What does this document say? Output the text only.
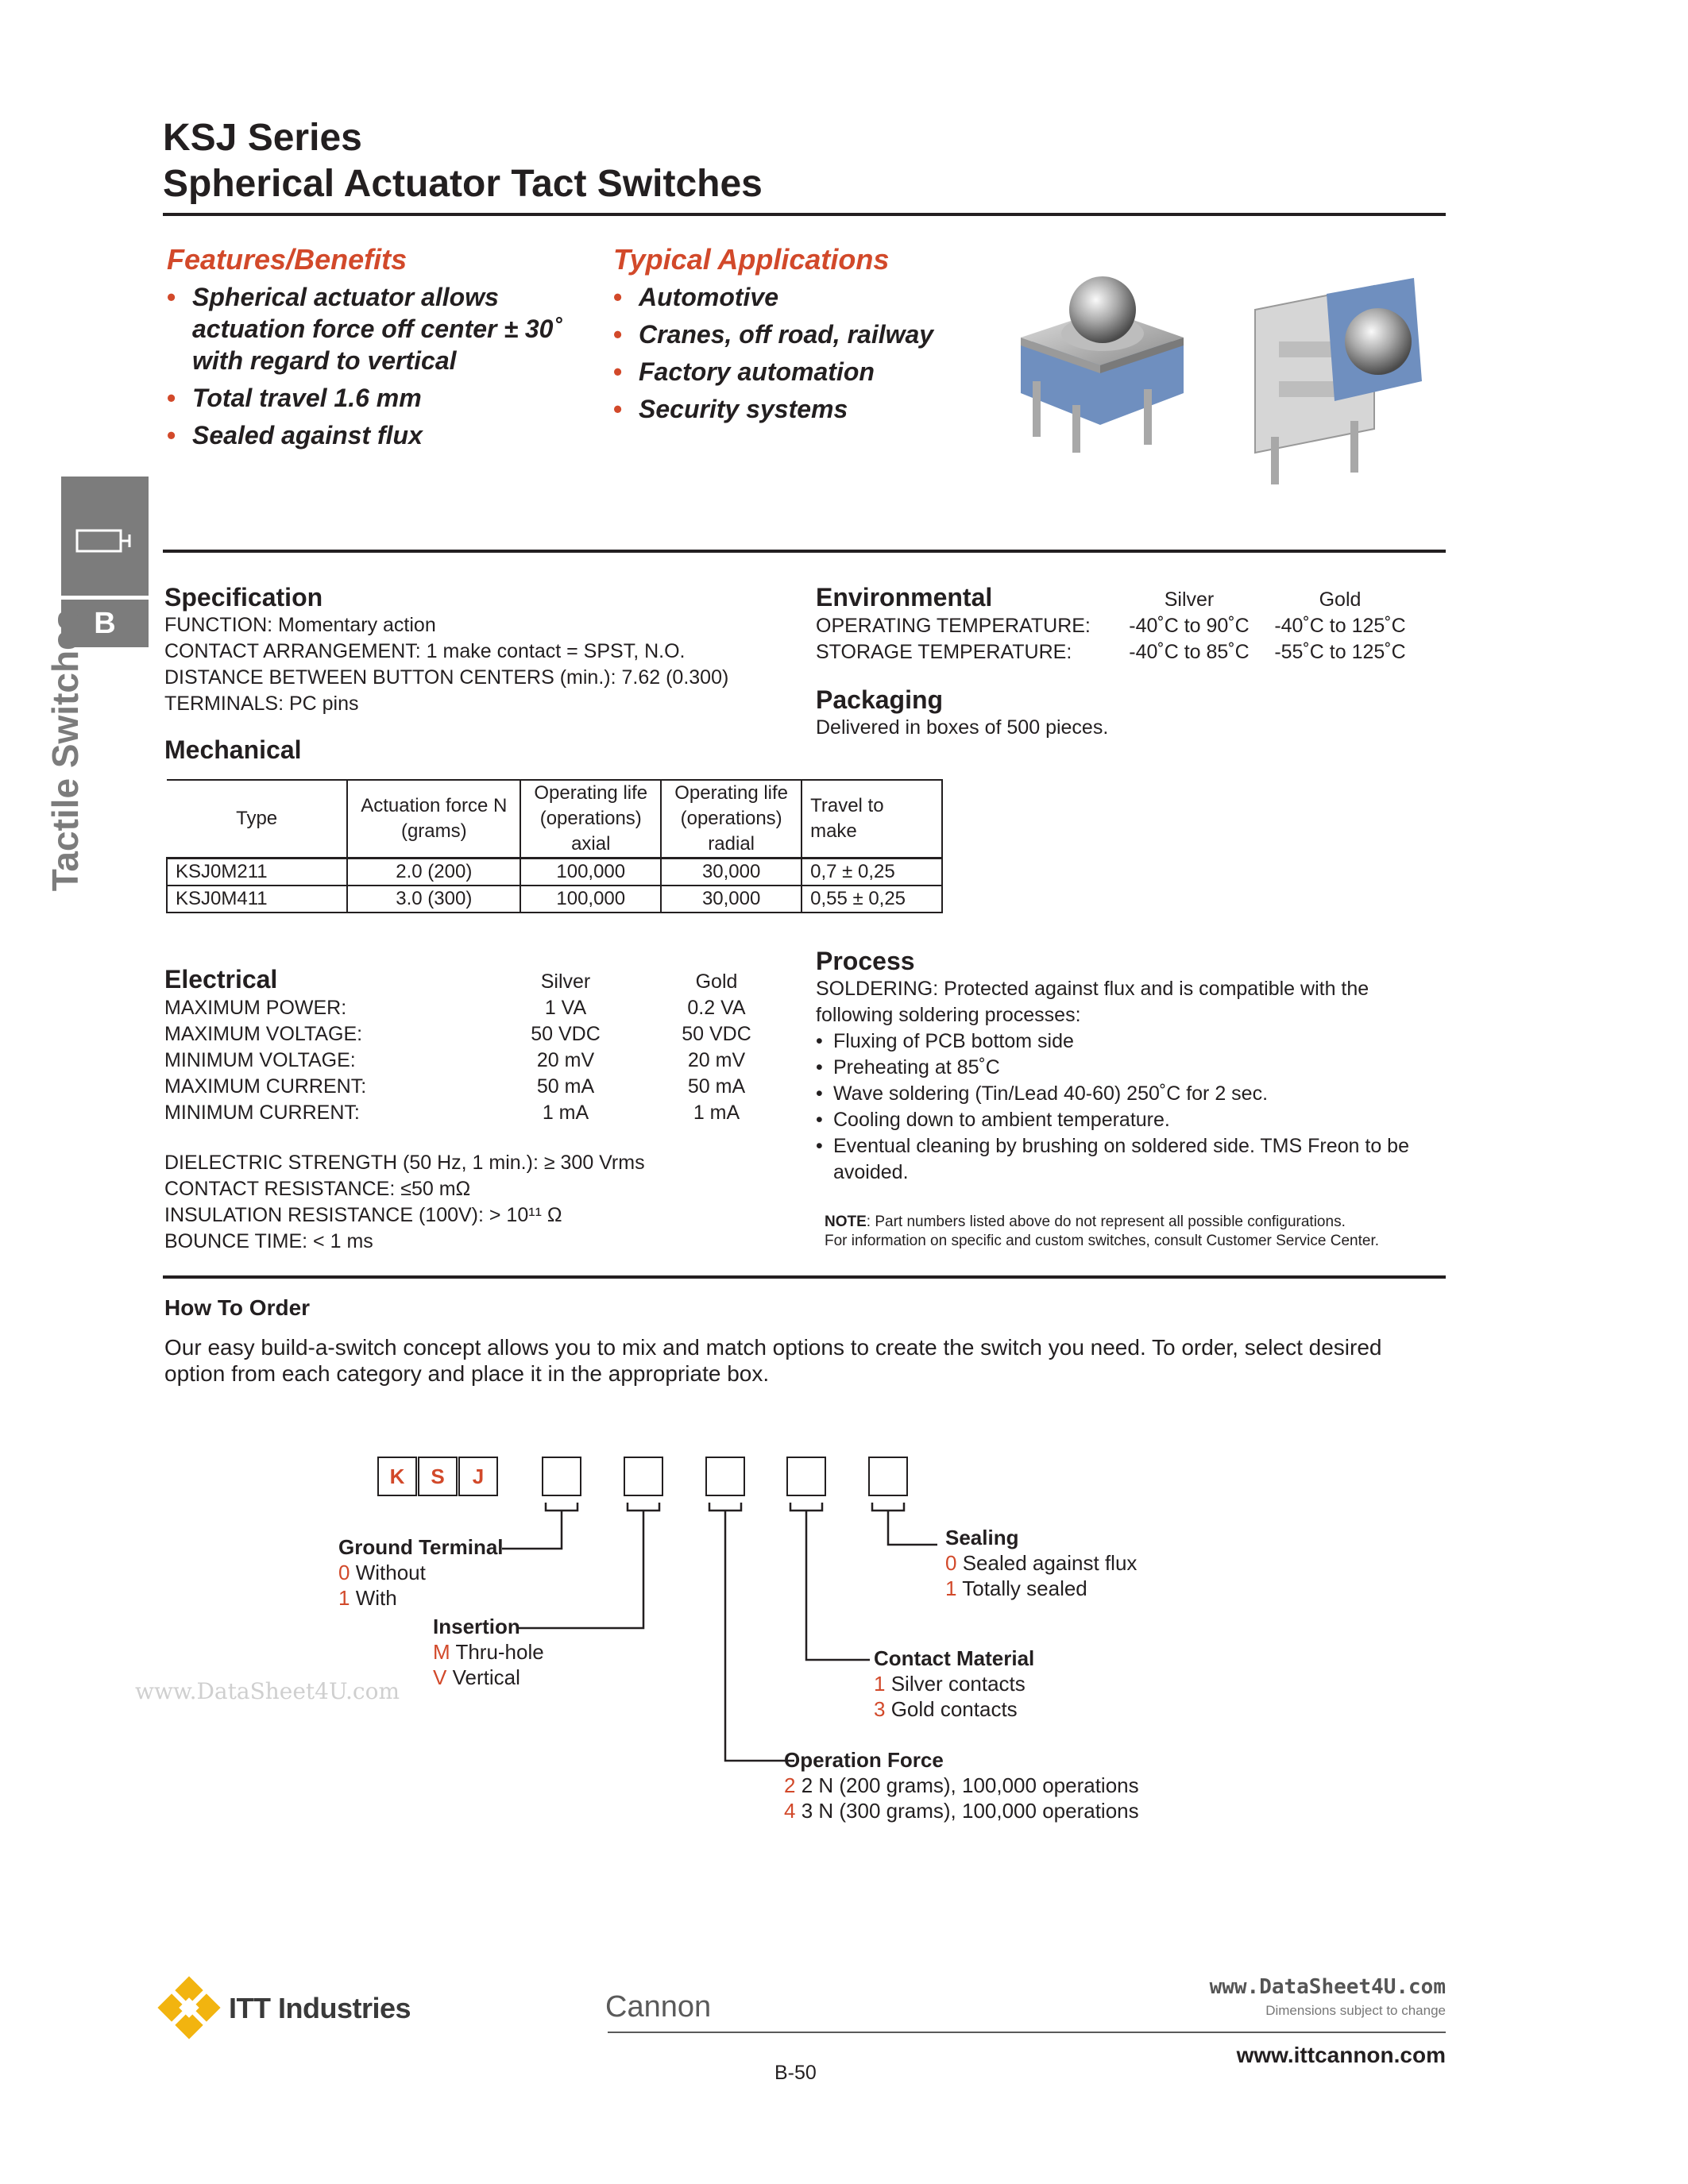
KSJ Series
Spherical Actuator Tact Switches
Features/Benefits
• Spherical actuator allows actuation force off center ± 30˚ with regard to vertical
• Total travel 1.6 mm
• Sealed against flux
Typical Applications
• Automotive
• Cranes, off road, railway
• Factory automation
• Security systems
B
Tactile Switches
Specification
FUNCTION: Momentary action
CONTACT ARRANGEMENT: 1 make contact = SPST, N.O.
DISTANCE BETWEEN BUTTON CENTERS (min.): 7.62 (0.300)
TERMINALS: PC pins
Mechanical
Type	Actuation force N (grams)	Operating life (operations) axial	Operating life (operations) radial	Travel to make
KSJ0M211	2.0 (200)	100,000	30,000	0,7 ± 0,25
KSJ0M411	3.0 (300)	100,000	30,000	0,55 ± 0,25
Electrical	Silver	Gold
MAXIMUM POWER:	1 VA	0.2 VA
MAXIMUM VOLTAGE:	50 VDC	50 VDC
MINIMUM VOLTAGE:	20 mV	20 mV
MAXIMUM CURRENT:	50 mA	50 mA
MINIMUM CURRENT:	1 mA	1 mA
DIELECTRIC STRENGTH (50 Hz, 1 min.): ≥ 300 Vrms
CONTACT RESISTANCE: ≤50 mΩ
INSULATION RESISTANCE (100V): > 10¹¹ Ω
BOUNCE TIME: < 1 ms
Environmental	Silver	Gold
OPERATING TEMPERATURE:	-40˚C to 90˚C	-40˚C to 125˚C
STORAGE TEMPERATURE:	-40˚C to 85˚C	-55˚C to 125˚C
Packaging
Delivered in boxes of 500 pieces.
Process
SOLDERING: Protected against flux and is compatible with the following soldering processes:
• Fluxing of PCB bottom side
• Preheating at 85˚C
• Wave soldering (Tin/Lead 40-60) 250˚C for 2 sec.
• Cooling down to ambient temperature.
• Eventual cleaning by brushing on soldered side. TMS Freon to be avoided.
NOTE: Part numbers listed above do not represent all possible configurations.
For information on specific and custom switches, consult Customer Service Center.
How To Order
Our easy build-a-switch concept allows you to mix and match options to create the switch you need. To order, select desired option from each category and place it in the appropriate box.
K	S	J
Ground Terminal
0 Without
1 With
Insertion
M Thru-hole
V Vertical
Sealing
0 Sealed against flux
1 Totally sealed
Contact Material
1 Silver contacts
3 Gold contacts
Operation Force
2 2 N (200 grams), 100,000 operations
4 3 N (300 grams), 100,000 operations
www.DataSheet4U.com
ITT Industries	Cannon
www.DataSheet4U.com
Dimensions subject to change
www.ittcannon.com
B-50
